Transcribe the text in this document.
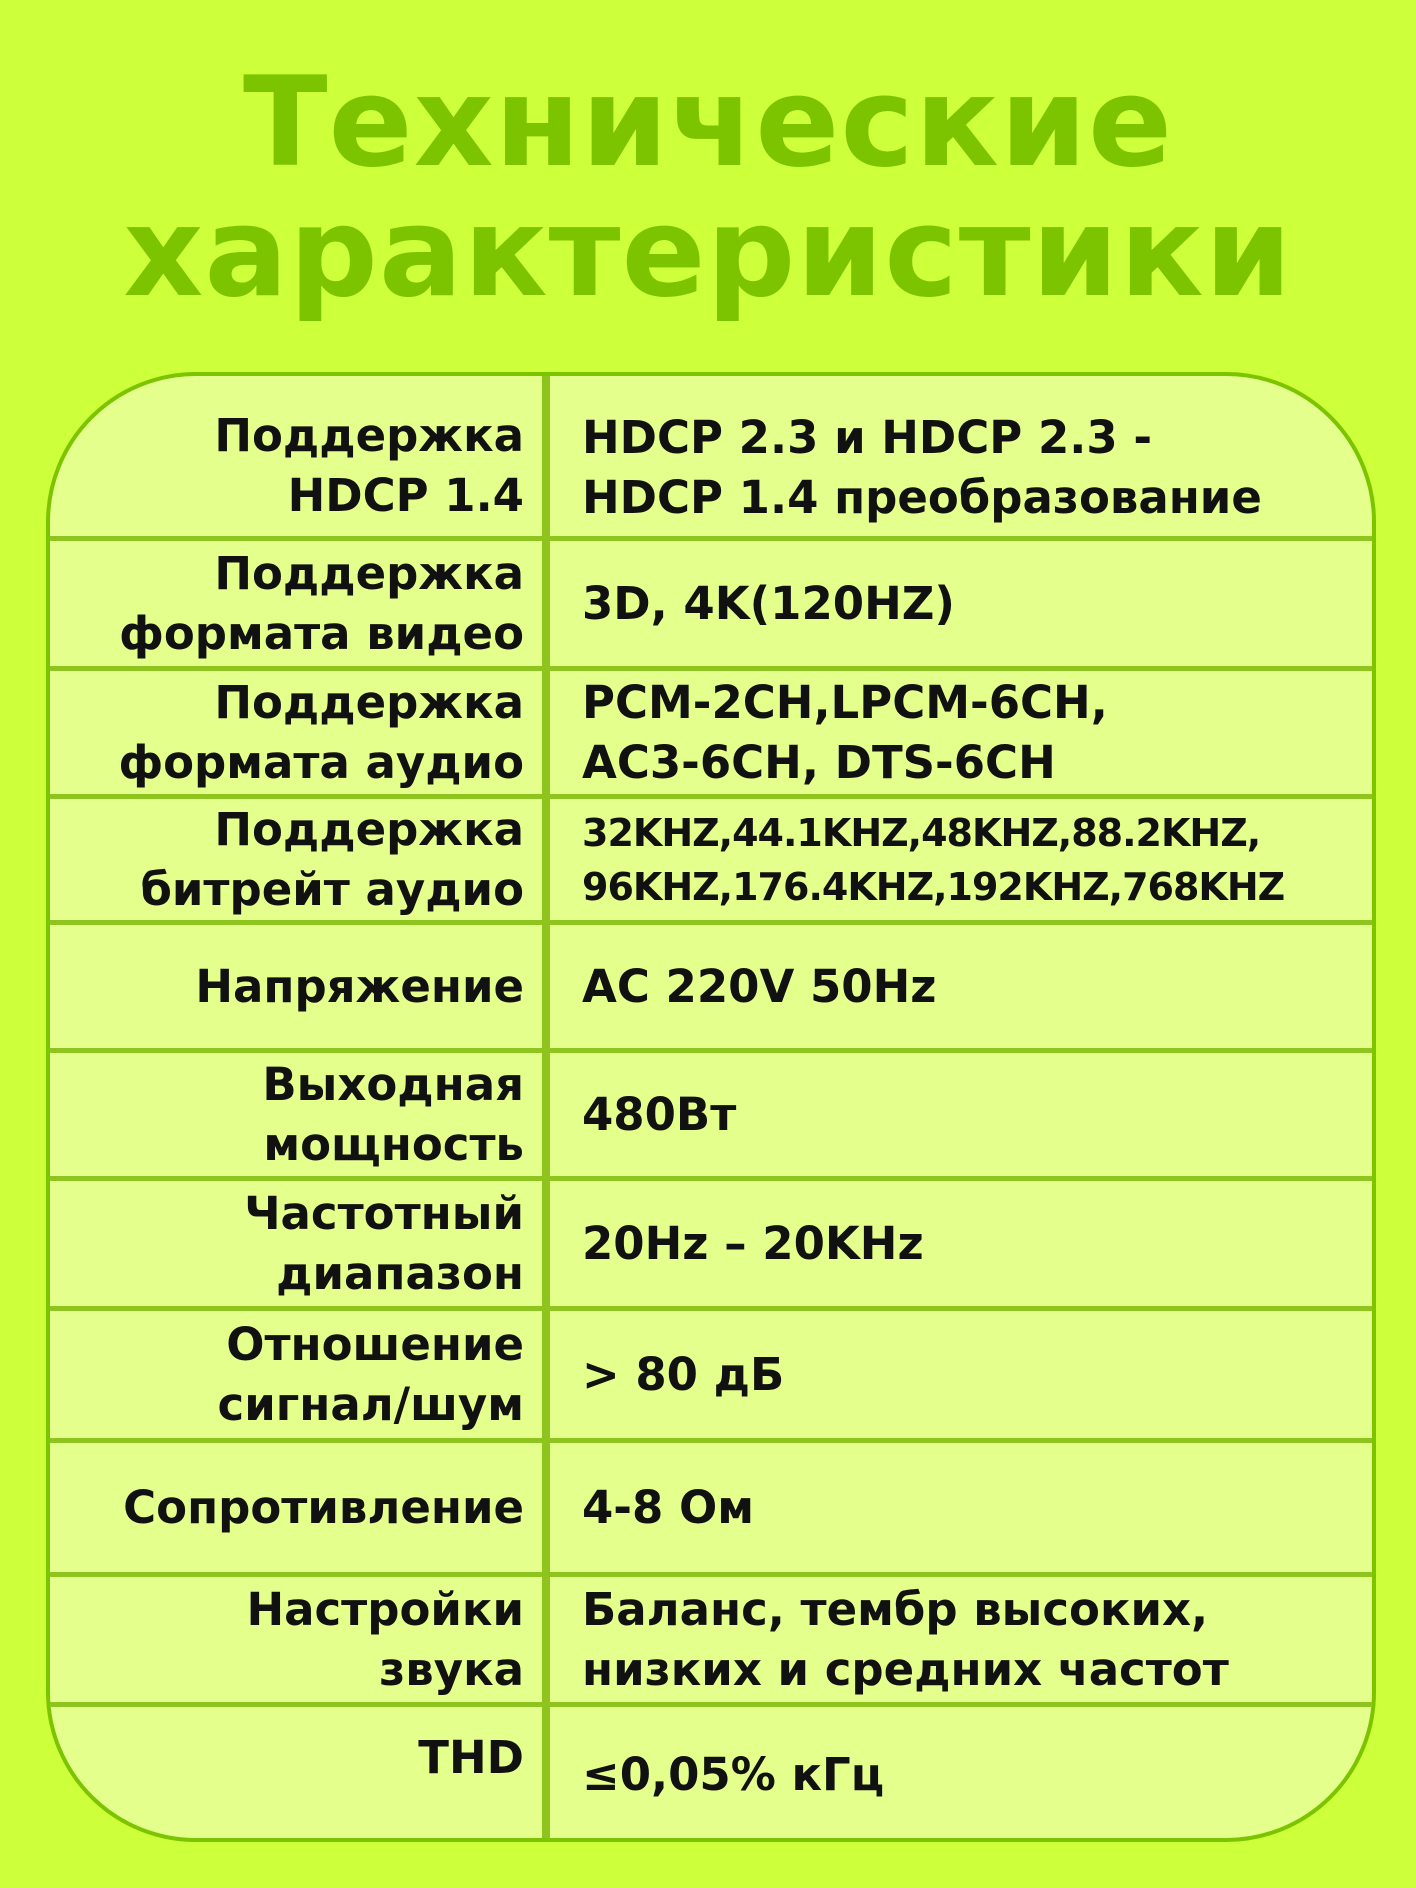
Технические
характеристики
Поддержка
HDCP 1.4
HDCP 2.3 и HDCP 2.3 -
HDCP 1.4 преобразование
Поддержка
формата видео
3D, 4K(120HZ)
Поддержка
формата аудио
PCM-2CH,LPCM-6CH,
AC3-6CH, DTS-6CH
Поддержка
битрейт аудио
32KHZ,44.1KHZ,48KHZ,88.2KHZ,
96KHZ,176.4KHZ,192KHZ,768KHZ
Напряжение AC 220V 50Hz
Выходная
мощность
480Вт
Частотный
диапазон
20Hz – 20KHz
Отношение
сигнал/шум
> 80 дБ
Сопротивление 4-8 Ом
Настройки
звука
Баланс, тембр высоких,
низких и средних частот
THD ≤0,05% кГц
